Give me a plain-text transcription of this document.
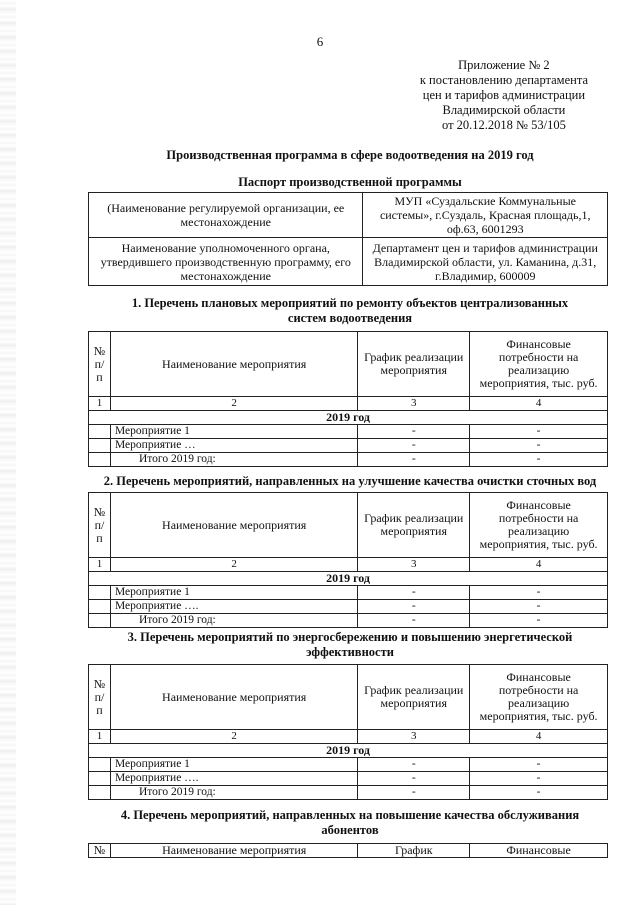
6
Приложение № 2
к постановлению департамента
цен и тарифов администрации
Владимирской области
от 20.12.2018 № 53/105
Производственная программа в сфере водоотведения на 2019 год
Паспорт производственной программы
(Наименование регулируемой организации, ее местонахождение	МУП «Суздальские Коммунальные системы», г.Суздаль, Красная площадь,1, оф.63, 6001293
Наименование уполномоченного органа, утвердившего производственную программу, его местонахождение	Департамент цен и тарифов администрации Владимирской области, ул. Каманина, д.31, г.Владимир, 600009
1. Перечень плановых мероприятий по ремонту объектов централизованных
систем водоотведения
№ п/п	Наименование мероприятия	График реализации мероприятия	Финансовые потребности на реализацию мероприятия, тыс. руб.
1	2	3	4
2019 год			
	Мероприятие 1	-	-
	Мероприятие …	-	-
	Итого 2019 год:	-	-
2. Перечень мероприятий, направленных на улучшение качества очистки сточных вод
№ п/п	Наименование мероприятия	График реализации мероприятия	Финансовые потребности на реализацию мероприятия, тыс. руб.
1	2	3	4
2019 год			
	Мероприятие 1	-	-
	Мероприятие ….	-	-
	Итого 2019 год:	-	-
3. Перечень мероприятий по энергосбережению и повышению энергетической
эффективности
№ п/п	Наименование мероприятия	График реализации мероприятия	Финансовые потребности на реализацию мероприятия, тыс. руб.
1	2	3	4
2019 год			
	Мероприятие 1	-	-
	Мероприятие ….	-	-
	Итого 2019 год:	-	-
4. Перечень мероприятий, направленных на повышение качества обслуживания
абонентов
№	Наименование мероприятия	График	Финансовые
